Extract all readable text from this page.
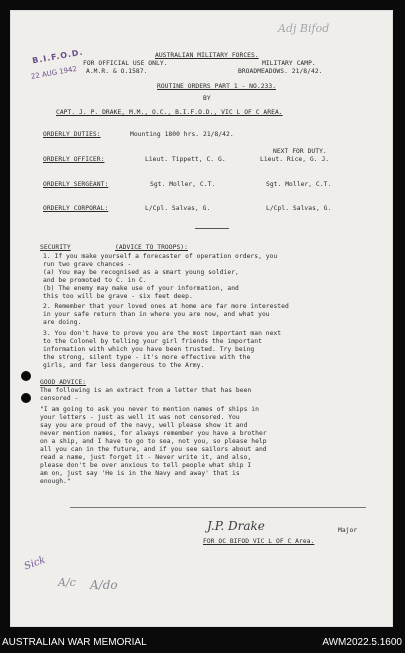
Adj Bifod
B.I.F.O.D.
22 AUG 1942
AUSTRALIAN MILITARY FORCES.
FOR OFFICIAL USE ONLY.
A.M.R. & O.1587.
MILITARY CAMP.
BROADMEADOWS. 21/8/42.
ROUTINE ORDERS PART 1 - NO.233.
BY
CAPT. J. P. DRAKE, M.M., O.C., B.I.F.O.D., VIC L OF C AREA.
ORDERLY DUTIES:	Mounting 1800 hrs. 21/8/42.
NEXT FOR DUTY.
ORDERLY OFFICER:	Lieut. Tippett, C. G.	Lieut. Rice, G. J.
ORDERLY SERGEANT:	Sgt. Moller, C.T.	Sgt. Moller, C.T.
ORDERLY CORPORAL:	L/Cpl. Salvas, G.	L/Cpl. Salvas, G.
SECURITY	(ADVICE TO TROOPS):
1. If you make yourself a forecaster of operation orders, you
run two grave chances -
(a) You may be recognised as a smart young soldier,
and be promoted to C. in C.
(b) The enemy may make use of your information, and
this too will be grave - six feet deep.
2. Remember that your loved ones at home are far more interested
in your safe return than in where you are now, and what you
are doing.
3. You don't have to prove you are the most important man next
to the Colonel by telling your girl friends the important
information with which you have been trusted. Try being
the strong, silent type - it's more effective with the
girls, and far less dangerous to the Army.
GOOD ADVICE:
The following is an extract from a letter that has been
censored -
"I am going to ask you never to mention names of ships in
your letters - just as well it was not censored. You
say you are proud of the navy, well please show it and
never mention names, for always remember you have a brother
on a ship, and I have to go to sea, not you, so please help
all you can in the future, and if you see sailors about and
read a name, just forget it - Never write it, and also,
please don't be over anxious to tell people what ship I
am on, just say 'He is in the Navy and away' that is
enough."
J.P. Drake	Major
FOR OC BIFOD VIC L OF C Area.
Sick
A/c A/do
AUSTRALIAN WAR MEMORIAL	AWM2022.5.1600
